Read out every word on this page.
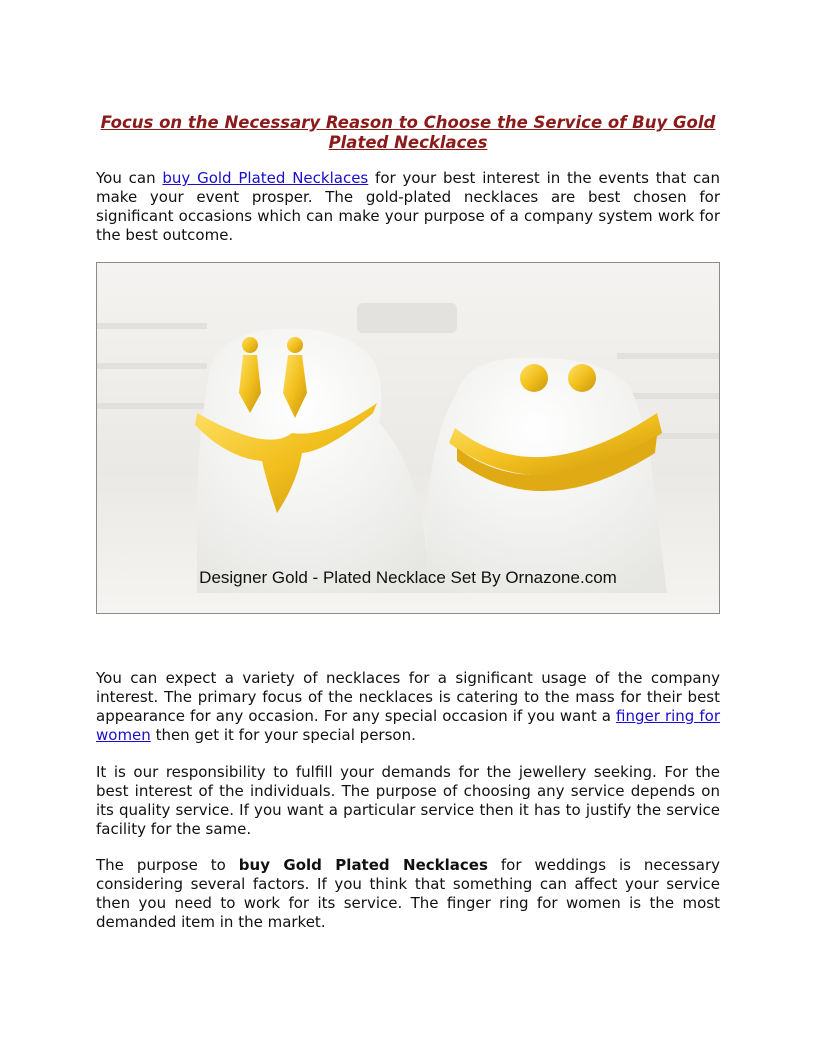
Focus on the Necessary Reason to Choose the Service of Buy Gold Plated Necklaces

You can buy Gold Plated Necklaces for your best interest in the events that can make your event prosper. The gold-plated necklaces are best chosen for significant occasions which can make your purpose of a company system work for the best outcome.

Designer Gold - Plated Necklace Set By Ornazone.com

You can expect a variety of necklaces for a significant usage of the company interest. The primary focus of the necklaces is catering to the mass for their best appearance for any occasion. For any special occasion if you want a finger ring for women then get it for your special person.

It is our responsibility to fulfill your demands for the jewellery seeking. For the best interest of the individuals. The purpose of choosing any service depends on its quality service. If you want a particular service then it has to justify the service facility for the same.

The purpose to buy Gold Plated Necklaces for weddings is necessary considering several factors. If you think that something can affect your service then you need to work for its service. The finger ring for women is the most demanded item in the market.
